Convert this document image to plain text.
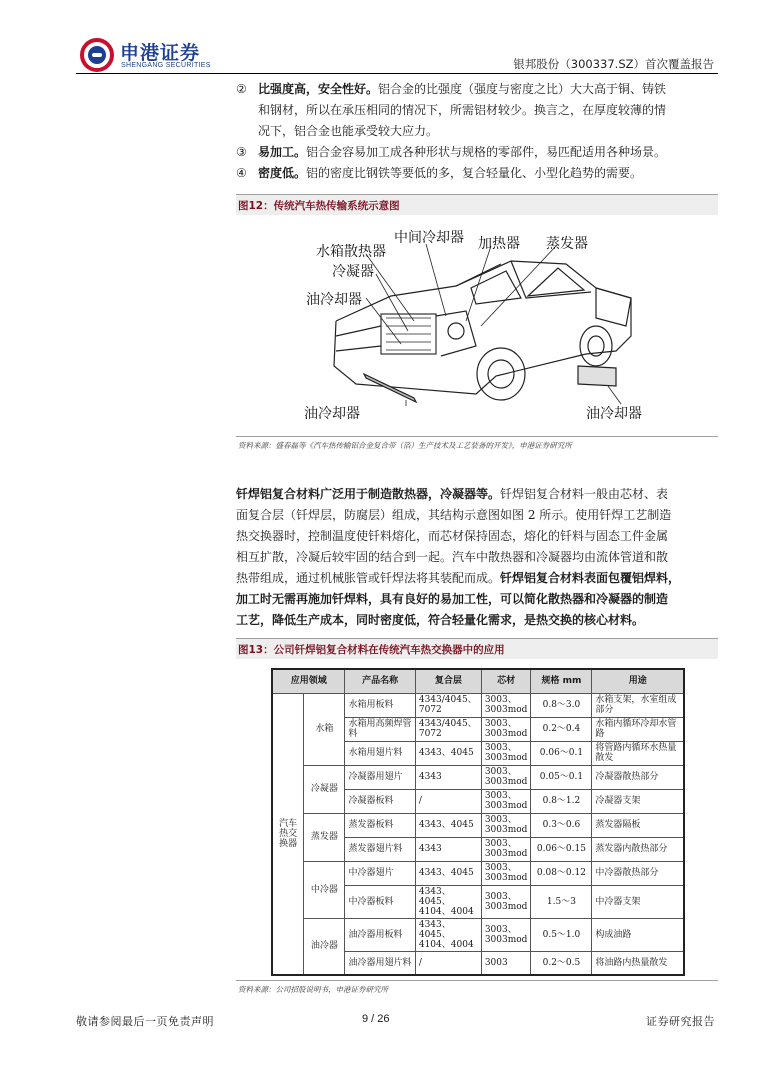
申港证券
SHENGANG SECURITIES	银邦股份（300337.SZ）首次覆盖报告
② 比强度高，安全性好。铝合金的比强度（强度与密度之比）大大高于铜、铸铁
和钢材，所以在承压相同的情况下，所需铝材较少。换言之，在厚度较薄的情
况下，铝合金也能承受较大应力。
③ 易加工。铝合金容易加工成各种形状与规格的零部件，易匹配适用各种场景。
④ 密度低。铝的密度比钢铁等要低的多，复合轻量化、小型化趋势的需要。
图12：传统汽车热传输系统示意图
水箱散热器
中间冷却器 加热器 蒸发器
冷凝器
油冷却器
油冷却器	油冷却器
资料来源：盛春磊等《汽车热传输铝合金复合带（箔）生产技术及工艺装备的开发》，申港证券研究所
钎焊铝复合材料广泛用于制造散热器，冷凝器等。钎焊铝复合材料一般由芯材、表
面复合层（钎焊层，防腐层）组成，其结构示意图如图 2 所示。使用钎焊工艺制造
热交换器时，控制温度使钎料熔化，而芯材保持固态，熔化的钎料与固态工件金属
相互扩散，冷凝后较牢固的结合到一起。汽车中散热器和冷凝器均由流体管道和散
热带组成，通过机械胀管或钎焊法将其装配而成。钎焊铝复合材料表面包覆铝焊料，
加工时无需再施加钎焊料，具有良好的易加工性，可以简化散热器和冷凝器的制造
工艺，降低生产成本，同时密度低，符合轻量化需求，是热交换的核心材料。
图13：公司钎焊铝复合材料在传统汽车热交换器中的应用
应用领域		产品名称	复合层	芯材	规格 mm	用途
汽车热交换器	水箱	水箱用板料	4343/4045、7072	3003、3003mod	0.8～3.0	水箱支架，水室组成部分
		水箱用高频焊管料	4343/4045、7072	3003、3003mod	0.2～0.4	水箱内循环冷却水管路
		水箱用翅片料	4343、4045	3003、3003mod	0.06～0.1	将管路内循环水热量散发
	冷凝器	冷凝器用翅片	4343	3003、3003mod	0.05～0.1	冷凝器散热部分
		冷凝器板料	/	3003、3003mod	0.8～1.2	冷凝器支架
	蒸发器	蒸发器板料	4343、4045	3003、3003mod	0.3～0.6	蒸发器隔板
		蒸发器翅片料	4343	3003、3003mod	0.06～0.15	蒸发器内散热部分
	中冷器	中冷器翅片	4343、4045	3003、3003mod	0.08～0.12	中冷器散热部分
		中冷器板料	4343、4045、4104、4004	3003、3003mod	1.5～3	中冷器支架
	油冷器	油冷器用板料	4343、4045、4104、4004	3003、3003mod	0.5～1.0	构成油路
		油冷器用翅片料	/	3003	0.2～0.5	将油路内热量散发
资料来源：公司招股说明书，申港证券研究所
敬请参阅最后一页免责声明	9 / 26	证券研究报告
